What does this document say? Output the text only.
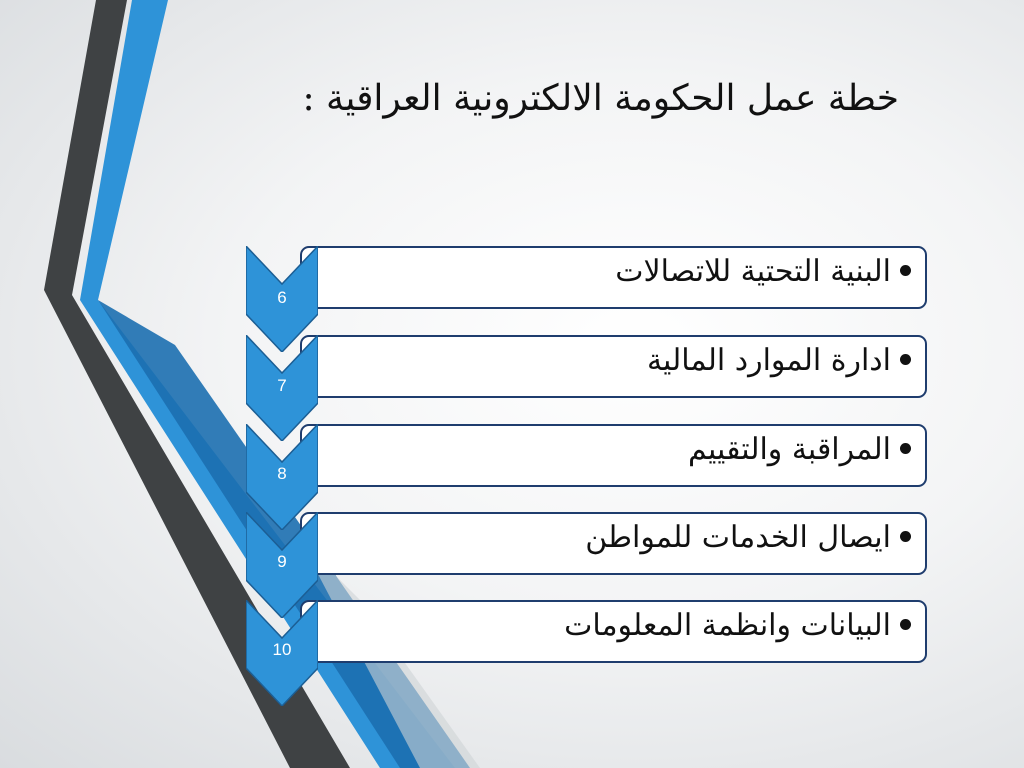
خطة عمل الحكومة الالكترونية العراقية :
البنية التحتية للاتصالات
6
ادارة الموارد المالية
7
المراقبة والتقييم
8
ايصال الخدمات للمواطن
9
البيانات وانظمة المعلومات
10
